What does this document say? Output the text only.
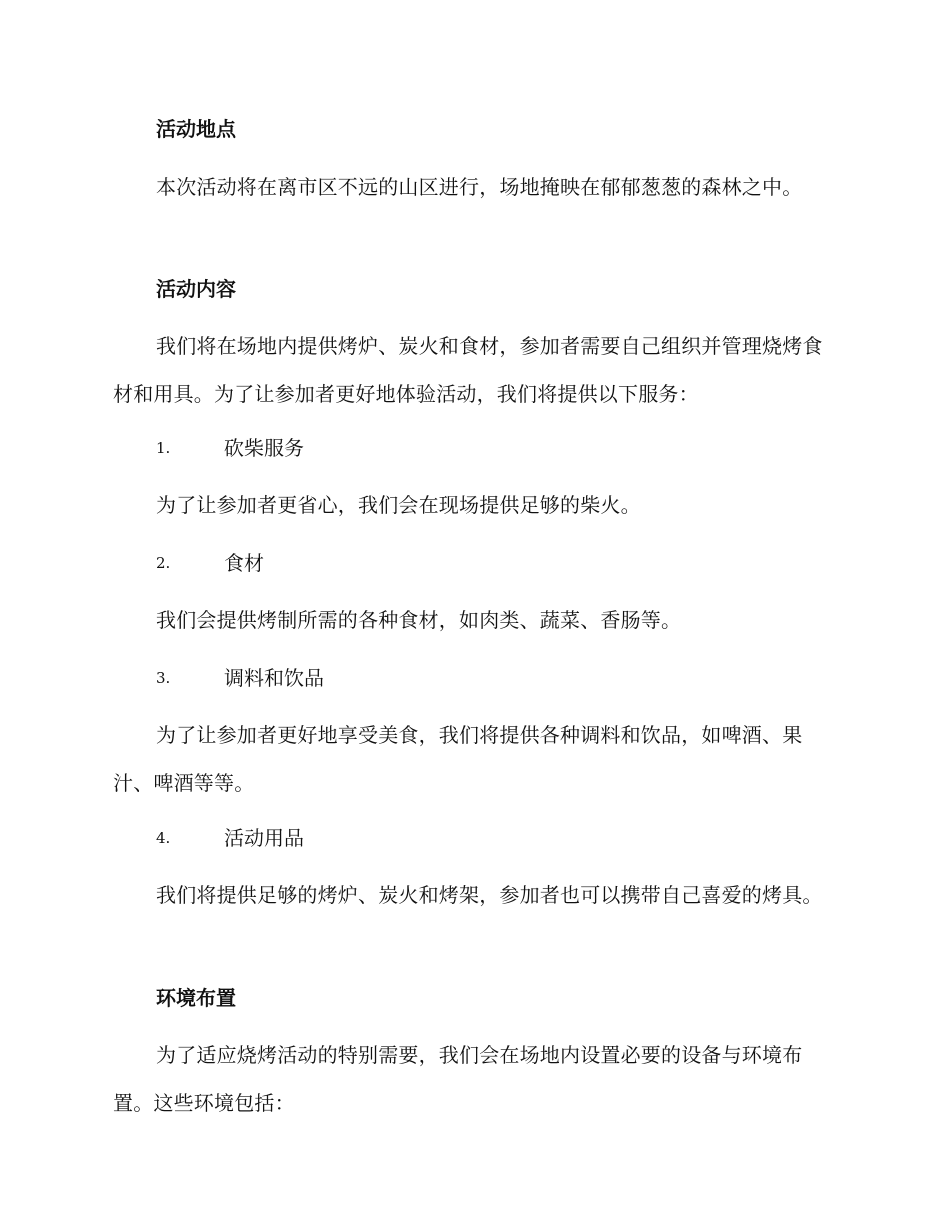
活动地点
本次活动将在离市区不远的山区进行，场地掩映在郁郁葱葱的森林之中。
活动内容
我们将在场地内提供烤炉、炭火和食材，参加者需要自己组织并管理烧烤食材和用具。为了让参加者更好地体验活动，我们将提供以下服务：
1.	砍柴服务
为了让参加者更省心，我们会在现场提供足够的柴火。
2.	食材
我们会提供烤制所需的各种食材，如肉类、蔬菜、香肠等。
3.	调料和饮品
为了让参加者更好地享受美食，我们将提供各种调料和饮品，如啤酒、果汁、啤酒等等。
4.	活动用品
我们将提供足够的烤炉、炭火和烤架，参加者也可以携带自己喜爱的烤具。
环境布置
为了适应烧烤活动的特别需要，我们会在场地内设置必要的设备与环境布置。这些环境包括：
